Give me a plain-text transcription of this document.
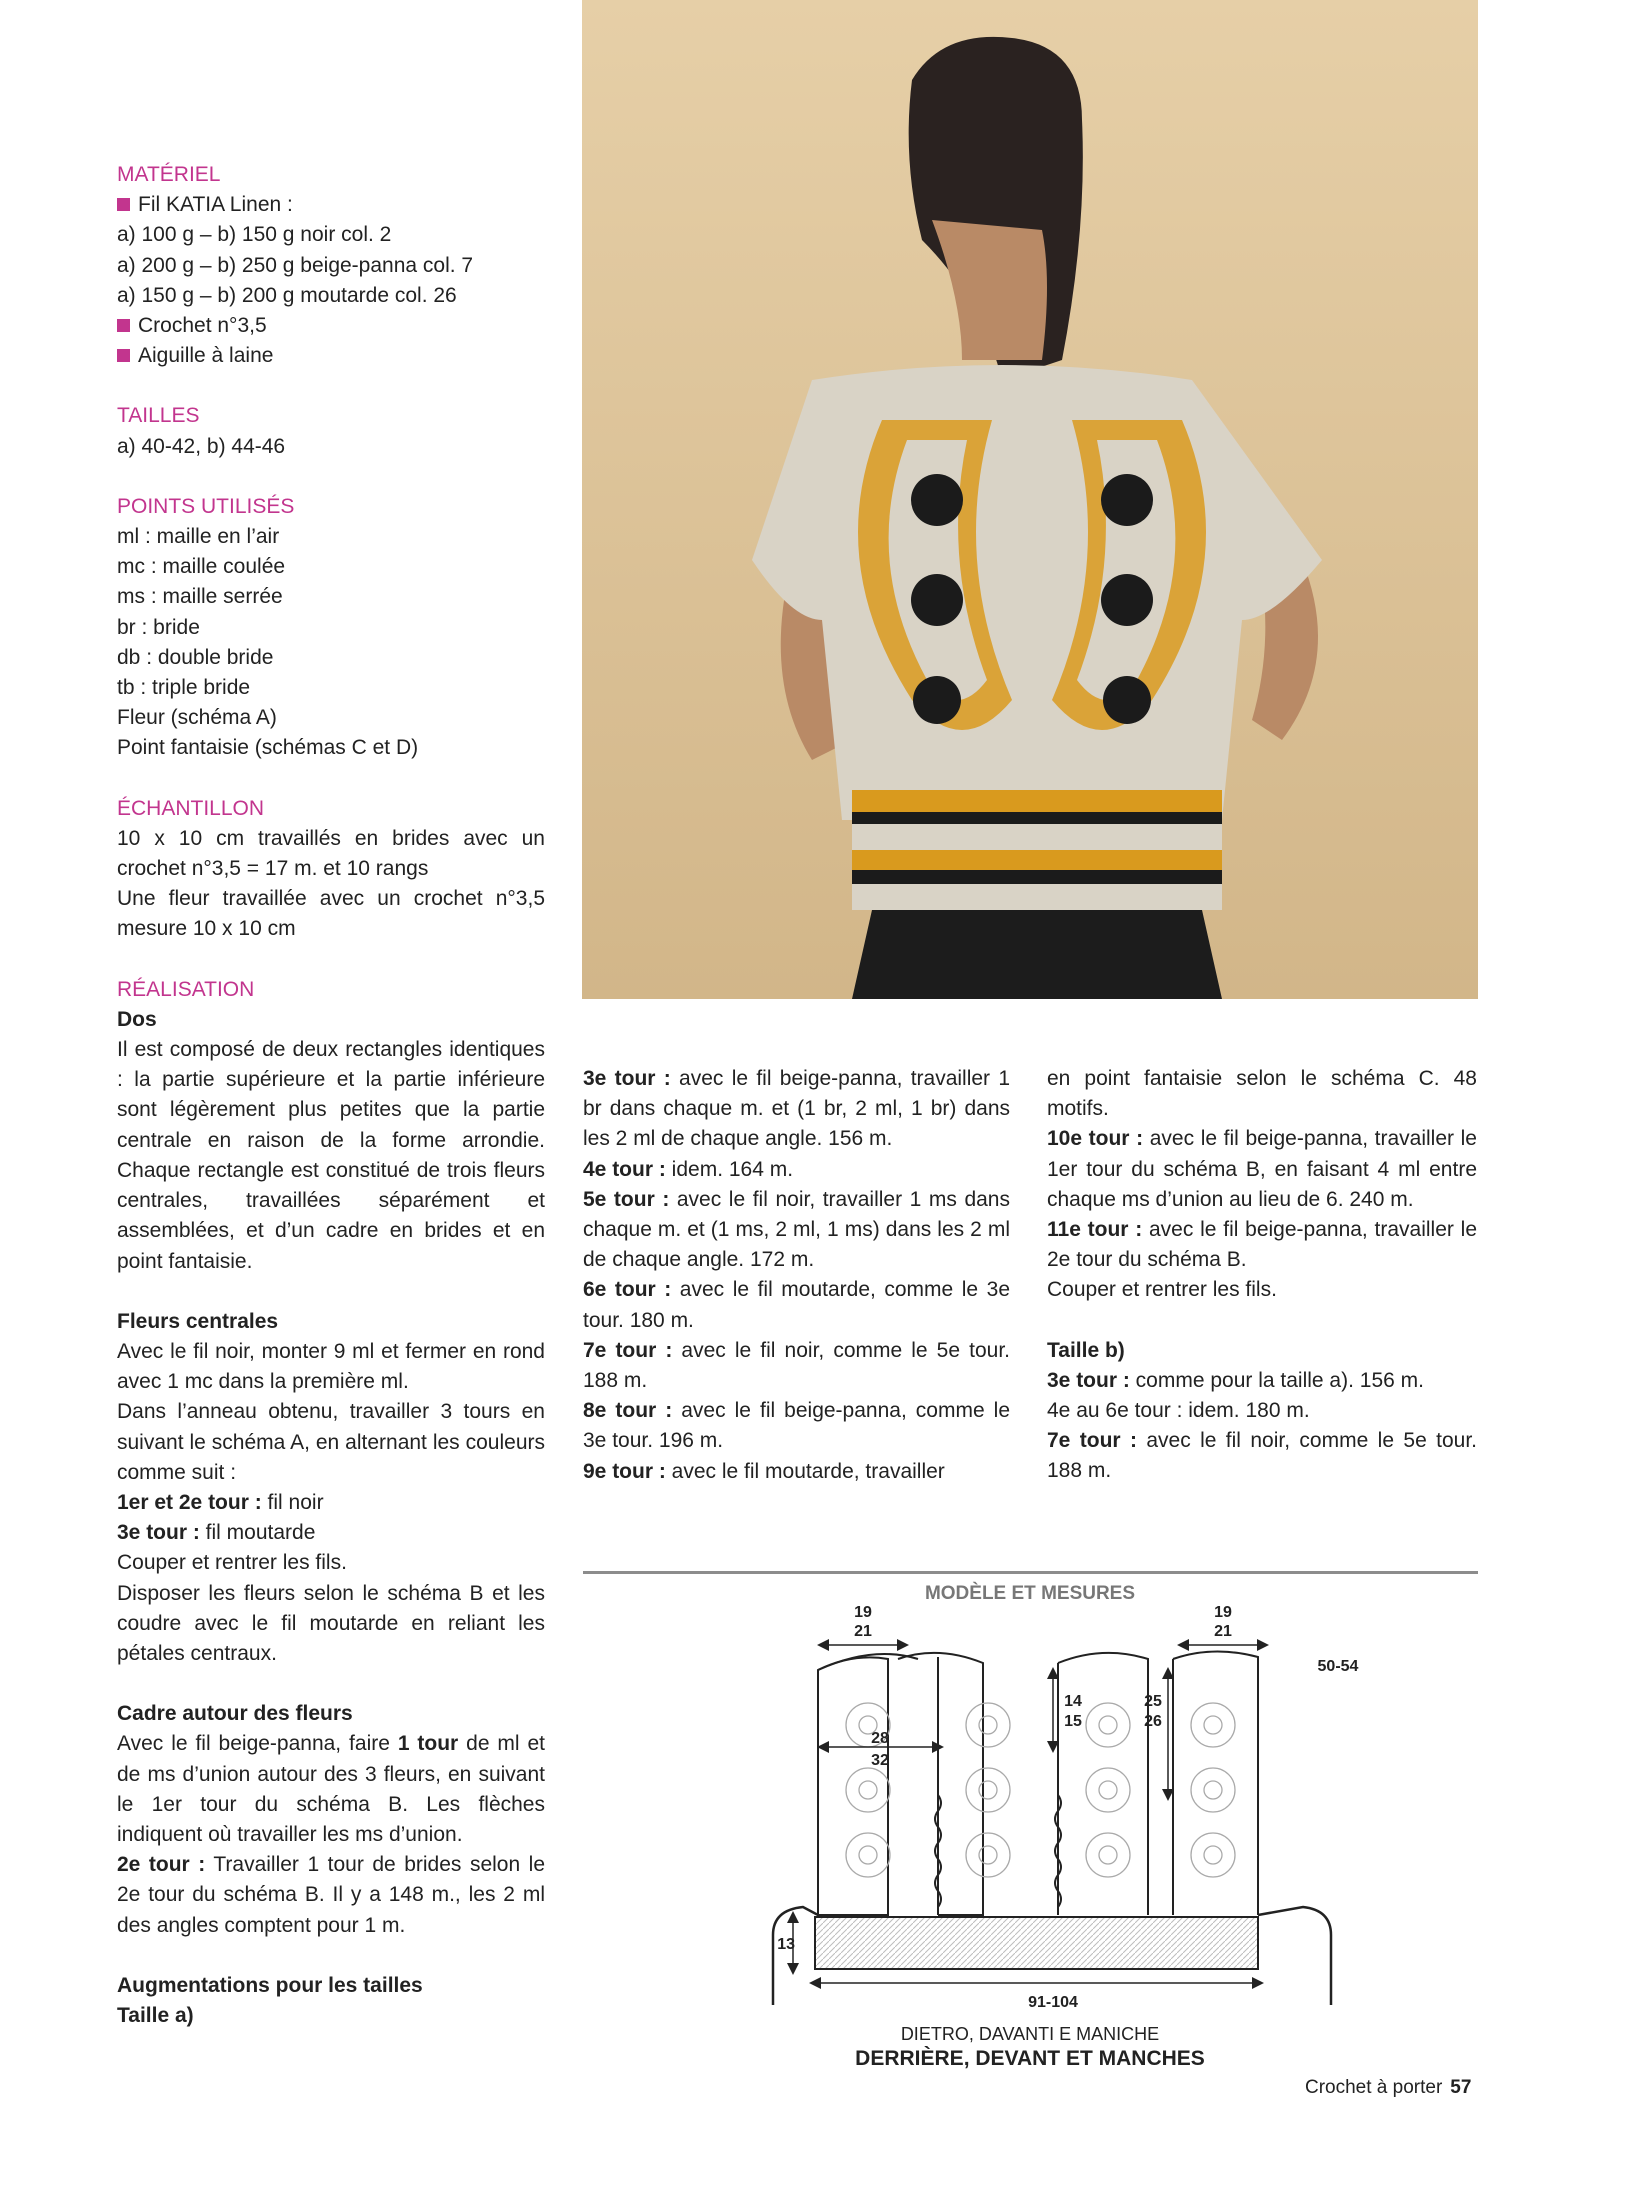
MATÉRIEL

Fil KATIA Linen :

a) 100 g – b) 150 g noir col. 2

a) 200 g – b) 250 g beige-panna col. 7

a) 150 g – b) 200 g moutarde col. 26

Crochet n°3,5

Aiguille à laine

TAILLES

a) 40-42, b) 44-46

POINTS UTILISÉS

ml : maille en l’air

mc : maille coulée

ms : maille serrée

br : bride

db : double bride

tb : triple bride

Fleur (schéma A)

Point fantaisie (schémas C et D)

ÉCHANTILLON

10 x 10 cm travaillés en brides avec un crochet n°3,5 = 17 m. et 10 rangs

Une fleur travaillée avec un crochet n°3,5 mesure 10 x 10 cm

RÉALISATION

Dos

Il est composé de deux rectangles identiques : la partie supérieure et la partie inférieure sont légèrement plus petites que la partie centrale en raison de la forme arrondie. Chaque rectangle est constitué de trois fleurs centrales, travaillées séparément et assemblées, et d’un cadre en brides et en point fantaisie.

Fleurs centrales

Avec le fil noir, monter 9 ml et fermer en rond avec 1 mc dans la première ml.

Dans l’anneau obtenu, travailler 3 tours en suivant le schéma A, en alternant les couleurs comme suit :

1er et 2e tour : fil noir

3e tour : fil moutarde

Couper et rentrer les fils.

Disposer les fleurs selon le schéma B et les coudre avec le fil moutarde en reliant les pétales centraux.

Cadre autour des fleurs

Avec le fil beige-panna, faire 1 tour de ml et de ms d’union autour des 3 fleurs, en suivant le 1er tour du schéma B. Les flèches indiquent où travailler les ms d’union.

2e tour : Travailler 1 tour de brides selon le 2e tour du schéma B. Il y a 148 m., les 2 ml des angles comptent pour 1 m.

Augmentations pour les tailles

Taille a)

3e tour : avec le fil beige-panna, travailler 1 br dans chaque m. et (1 br, 2 ml, 1 br) dans les 2 ml de chaque angle. 156 m.

4e tour : idem. 164 m.

5e tour : avec le fil noir, travailler 1 ms dans chaque m. et (1 ms, 2 ml, 1 ms) dans les 2 ml de chaque angle. 172 m.

6e tour : avec le fil moutarde, comme le 3e tour. 180 m.

7e tour : avec le fil noir, comme le 5e tour. 188 m.

8e tour : avec le fil beige-panna, comme le 3e tour. 196 m.

9e tour : avec le fil moutarde, travailler

en point fantaisie selon le schéma C. 48 motifs.

10e tour : avec le fil beige-panna, travailler le 1er tour du schéma B, en faisant 4 ml entre chaque ms d’union au lieu de 6. 240 m.

11e tour : avec le fil beige-panna, travailler le 2e tour du schéma B.

Couper et rentrer les fils.

Taille b)

3e tour : comme pour la taille a). 156 m.

4e au 6e tour : idem. 180 m.

7e tour : avec le fil noir, comme le 5e tour. 188 m.

MODÈLE ET MESURES
19
21
19
21
50-54
28
32
14
15
25
26
13
91-104
DIETRO, DAVANTI E MANICHE
DERRIÈRE, DEVANT ET MANCHES
Crochet à porter 57
